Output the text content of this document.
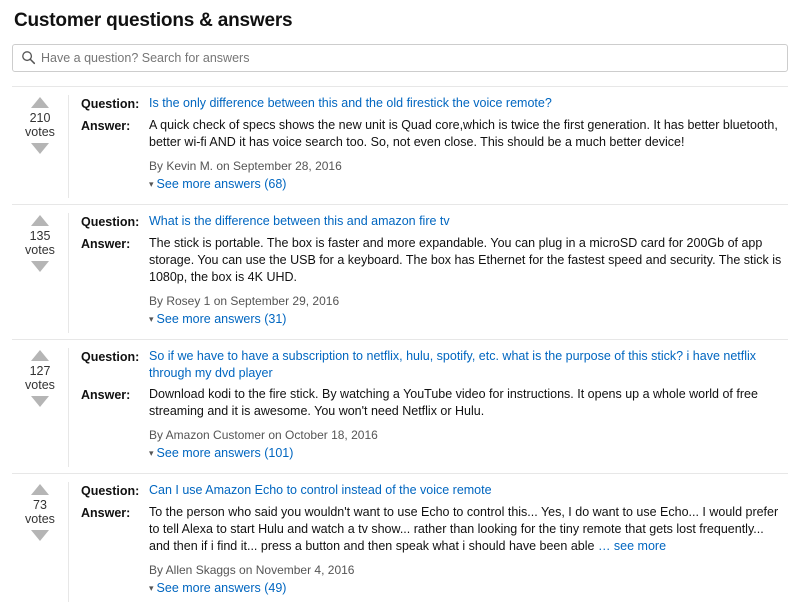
Customer questions & answers
Have a question? Search for answers
210
votes
Question: Is the only difference between this and the old firestick the voice remote?
Answer:	A quick check of specs shows the new unit is Quad core,which is twice the first generation. It has better bluetooth, better wi-fi AND it has voice search too. So, not even close. This should be a much better device!
By Kevin M. on September 28, 2016
▾ See more answers (68)
135
votes
Question: What is the difference between this and amazon fire tv
Answer:	The stick is portable. The box is faster and more expandable. You can plug in a microSD card for 200Gb of app storage. You can use the USB for a keyboard. The box has Ethernet for the fastest speed and security. The stick is 1080p, the box is 4K UHD.
By Rosey 1 on September 29, 2016
▾ See more answers (31)
127
votes
Question: So if we have to have a subscription to netflix, hulu, spotify, etc. what is the purpose of this stick? i have netflix through my dvd player
Answer:	Download kodi to the fire stick. By watching a YouTube video for instructions. It opens up a whole world of free streaming and it is awesome. You won't need Netflix or Hulu.
By Amazon Customer on October 18, 2016
▾ See more answers (101)
73
votes
Question: Can I use Amazon Echo to control instead of the voice remote
Answer:	To the person who said you wouldn't want to use Echo to control this... Yes, I do want to use Echo... I would prefer to tell Alexa to start Hulu and watch a tv show... rather than looking for the tiny remote that gets lost frequently... and then if i find it... press a button and then speak what i should have been able … see more
By Allen Skaggs on November 4, 2016
▾ See more answers (49)
